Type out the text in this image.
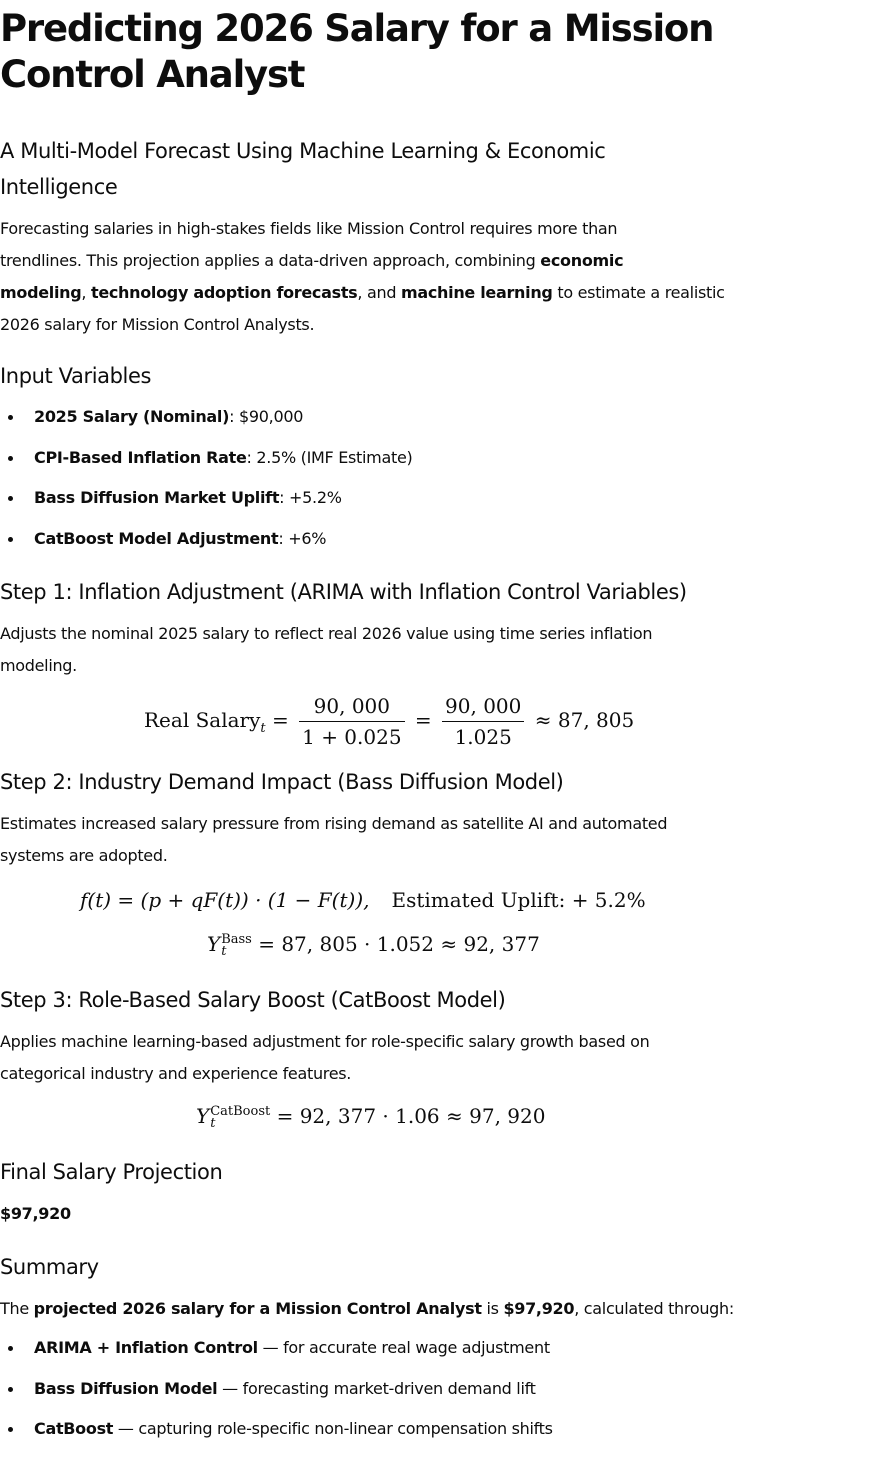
Predicting 2026 Salary for a Mission Control Analyst
A Multi-Model Forecast Using Machine Learning & Economic Intelligence

Forecasting salaries in high-stakes fields like Mission Control requires more than
trendlines. This projection applies a data-driven approach, combining economic
modeling, technology adoption forecasts, and machine learning to estimate a realistic
2026 salary for Mission Control Analysts.

Input Variables
2025 Salary (Nominal): $90,000
CPI-Based Inflation Rate: 2.5% (IMF Estimate)
Bass Diffusion Market Uplift: +5.2%
CatBoost Model Adjustment: +6%
Step 1: Inflation Adjustment (ARIMA with Inflation Control Variables)

Adjusts the nominal 2025 salary to reflect real 2026 value using time series inflation
modeling.

Real Salary$_t$ = $\frac{90, 000}{1 + 0.025} = \frac{90, 000}{1.025} \approx 87$, 805
Step 2: Industry Demand Impact (Bass Diffusion Model)

Estimates increased salary pressure from rising demand as satellite AI and automated
systems are adopted.

f(t) = (p + qF(t)) · (1 − F(t)), Estimated Uplift: + 5.2%
Y Bass
t	= 87, 805 · 1.052 ≈ 92, 377
Step 3: Role-Based Salary Boost (CatBoost Model)

Applies machine learning-based adjustment for role-specific salary growth based on
categorical industry and experience features.

Y CatBoost
t	= 92, 377 · 1.06 ≈ 97, 920
Final Salary Projection

$97,920

Summary

The projected 2026 salary for a Mission Control Analyst is $97,920, calculated through:

ARIMA + Inflation Control — for accurate real wage adjustment
Bass Diffusion Model — forecasting market-driven demand lift
CatBoost — capturing role-specific non-linear compensation shifts
